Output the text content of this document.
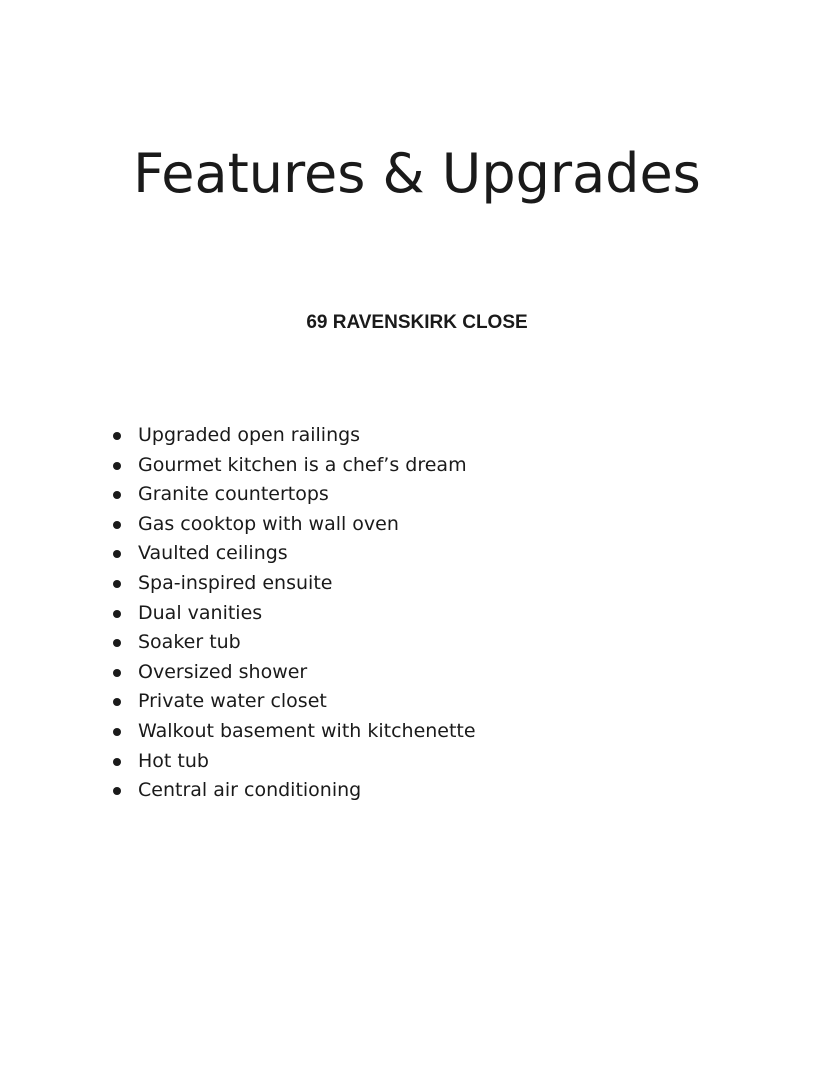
Features & Upgrades
69 RAVENSKIRK CLOSE
Upgraded open railings
Gourmet kitchen is a chef’s dream
Granite countertops
Gas cooktop with wall oven
Vaulted ceilings
Spa-inspired ensuite
Dual vanities
Soaker tub
Oversized shower
Private water closet
Walkout basement with kitchenette
Hot tub
Central air conditioning
